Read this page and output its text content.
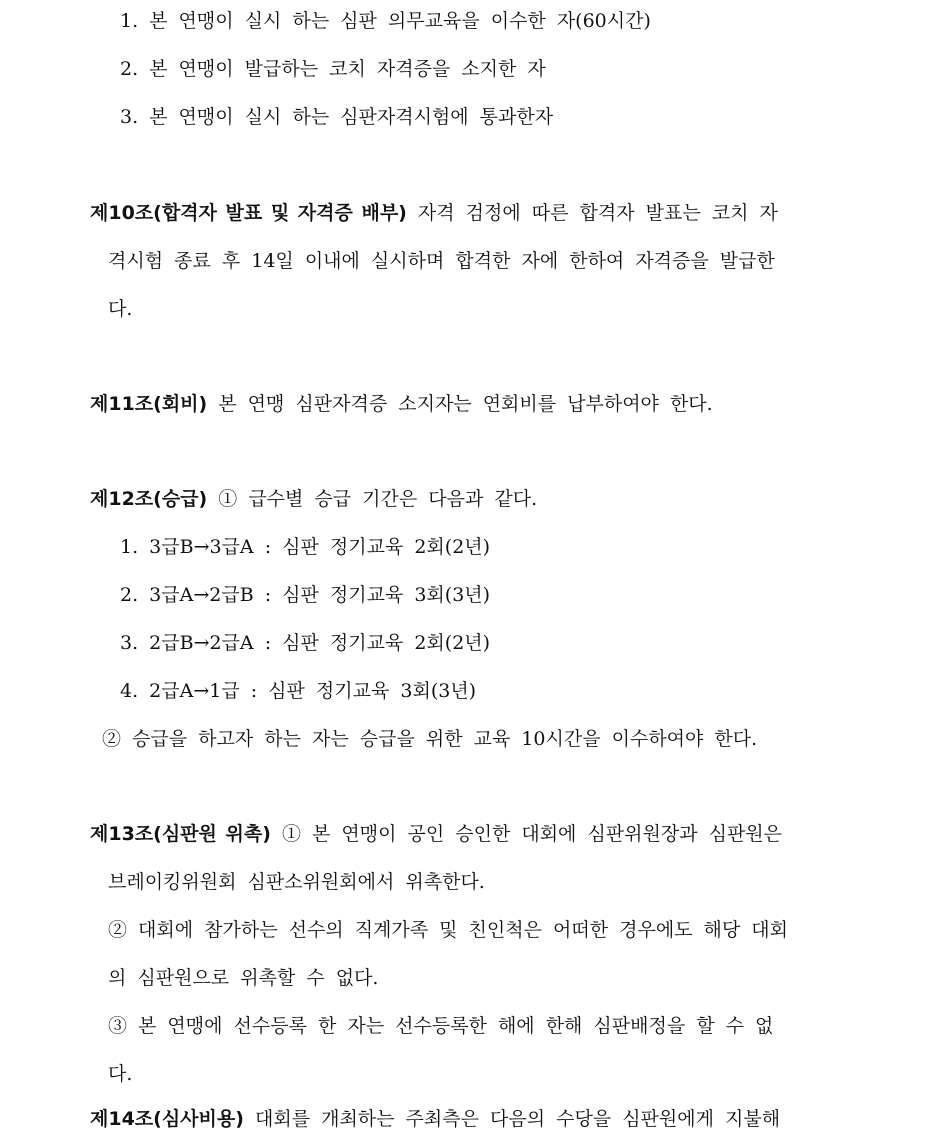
1. 본 연맹이 실시 하는 심판 의무교육을 이수한 자(60시간)
2. 본 연맹이 발급하는 코치 자격증을 소지한 자
3. 본 연맹이 실시 하는 심판자격시험에 통과한자
제10조(합격자 발표 및 자격증 배부) 자격 검정에 따른 합격자 발표는 코치 자
격시험 종료 후 14일 이내에 실시하며 합격한 자에 한하여 자격증을 발급한
다.
제11조(회비) 본 연맹 심판자격증 소지자는 연회비를 납부하여야 한다.
제12조(승급) ① 급수별 승급 기간은 다음과 같다.
1. 3급B→3급A : 심판 정기교육 2회(2년)
2. 3급A→2급B : 심판 정기교육 3회(3년)
3. 2급B→2급A : 심판 정기교육 2회(2년)
4. 2급A→1급 : 심판 정기교육 3회(3년)
② 승급을 하고자 하는 자는 승급을 위한 교육 10시간을 이수하여야 한다.
제13조(심판원 위촉) ① 본 연맹이 공인 승인한 대회에 심판위원장과 심판원은
브레이킹위원회 심판소위원회에서 위촉한다.
② 대회에 참가하는 선수의 직계가족 및 친인척은 어떠한 경우에도 해당 대회
의 심판원으로 위촉할 수 없다.
③ 본 연맹에 선수등록 한 자는 선수등록한 해에 한해 심판배정을 할 수 없
다.
제14조(심사비용) 대회를 개최하는 주최측은 다음의 수당을 심판원에게 지불해
